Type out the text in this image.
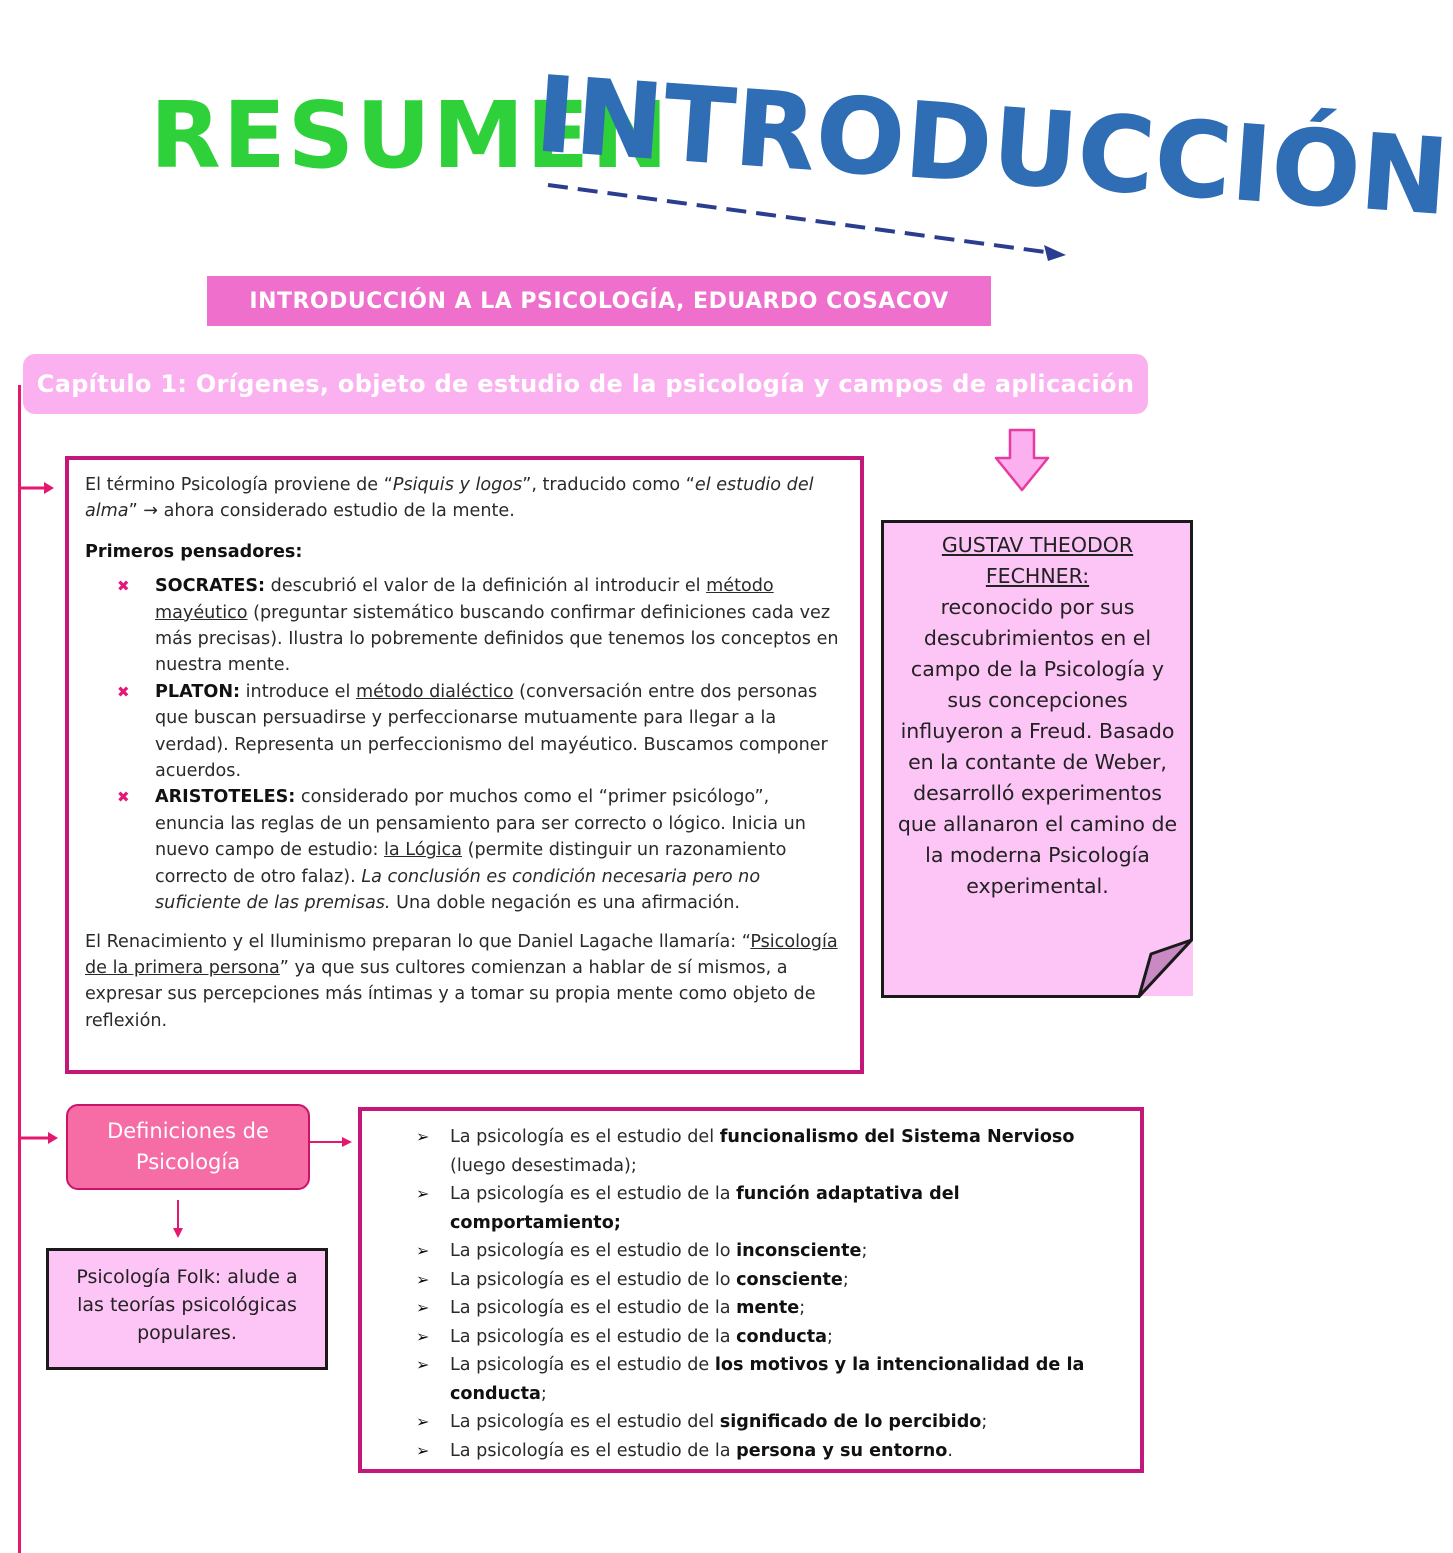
RESUMEN
INTRODUCCIÓN
INTRODUCCIÓN A LA PSICOLOGÍA, EDUARDO COSACOV
Capítulo 1: Orígenes, objeto de estudio de la psicología y campos de aplicación

El término Psicología proviene de “Psiquis y logos”, traducido como “el estudio del alma” → ahora considerado estudio de la mente.

Primeros pensadores:

✖ SOCRATES: descubrió el valor de la definición al introducir el método mayéutico (preguntar sistemático buscando confirmar definiciones cada vez más precisas). Ilustra lo pobremente definidos que tenemos los conceptos en nuestra mente.
✖ PLATON: introduce el método dialéctico (conversación entre dos personas que buscan persuadirse y perfeccionarse mutuamente para llegar a la verdad). Representa un perfeccionismo del mayéutico. Buscamos componer acuerdos.
✖ ARISTOTELES: considerado por muchos como el “primer psicólogo”, enuncia las reglas de un pensamiento para ser correcto o lógico. Inicia un nuevo campo de estudio: la Lógica (permite distinguir un razonamiento correcto de otro falaz). La conclusión es condición necesaria pero no suficiente de las premisas. Una doble negación es una afirmación.

El Renacimiento y el Iluminismo preparan lo que Daniel Lagache llamaría: “Psicología de la primera persona” ya que sus cultores comienzan a hablar de sí mismos, a expresar sus percepciones más íntimas y a tomar su propia mente como objeto de reflexión.

GUSTAV THEODOR FECHNER:
reconocido por sus descubrimientos en el campo de la Psicología y sus concepciones influyeron a Freud. Basado en la contante de Weber, desarrolló experimentos que allanaron el camino de la moderna Psicología experimental.
Definiciones de Psicología
Psicología Folk: alude a las teorías psicológicas populares.
➢ La psicología es el estudio del funcionalismo del Sistema Nervioso (luego desestimada);
➢ La psicología es el estudio de la función adaptativa del comportamiento;
➢ La psicología es el estudio de lo inconsciente;
➢ La psicología es el estudio de lo consciente;
➢ La psicología es el estudio de la mente;
➢ La psicología es el estudio de la conducta;
➢ La psicología es el estudio de los motivos y la intencionalidad de la conducta;
➢ La psicología es el estudio del significado de lo percibido;
➢ La psicología es el estudio de la persona y su entorno.
